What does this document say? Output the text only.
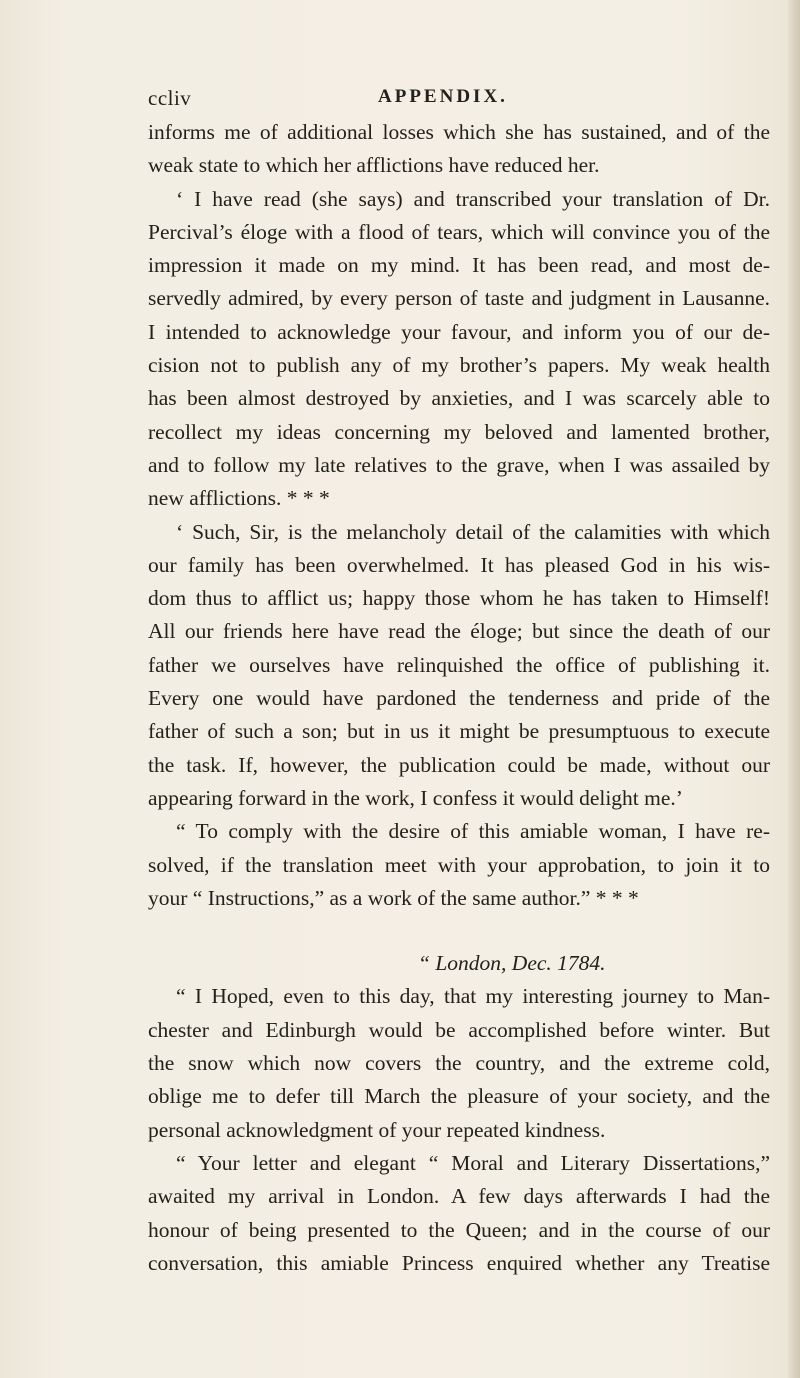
cclіv	APPENDIX.
informs me of additional losses which she has sustained, and of the
weak state to which her afflictions have reduced her.
‘ I have read (she says) and transcribed your translation of Dr.
Percival’s éloge with a flood of tears, which will convince you of the
impression it made on my mind. It has been read, and most de-
servedly admired, by every person of taste and judgment in Lausanne.
I intended to acknowledge your favour, and inform you of our de-
cision not to publish any of my brother’s papers. My weak health
has been almost destroyed by anxieties, and I was scarcely able to
recollect my ideas concerning my beloved and lamented brother,
and to follow my late relatives to the grave, when I was assailed by
new afflictions. * * *
‘ Such, Sir, is the melancholy detail of the calamities with which
our family has been overwhelmed. It has pleased God in his wis-
dom thus to afflict us; happy those whom he has taken to Himself!
All our friends here have read the éloge; but since the death of our
father we ourselves have relinquished the office of publishing it.
Every one would have pardoned the tenderness and pride of the
father of such a son; but in us it might be presumptuous to execute
the task. If, however, the publication could be made, without our
appearing forward in the work, I confess it would delight me.’
“ To comply with the desire of this amiable woman, I have re-
solved, if the translation meet with your approbation, to join it to
your “ Instructions,” as a work of the same author.” * * *
“ London, Dec. 1784.
“ I Hoped, even to this day, that my interesting journey to Man-
chester and Edinburgh would be accomplished before winter. But
the snow which now covers the country, and the extreme cold,
oblige me to defer till March the pleasure of your society, and the
personal acknowledgment of your repeated kindness.
“ Your letter and elegant “ Moral and Literary Dissertations,”
awaited my arrival in London. A few days afterwards I had the
honour of being presented to the Queen; and in the course of our
conversation, this amiable Princess enquired whether any Treatise
